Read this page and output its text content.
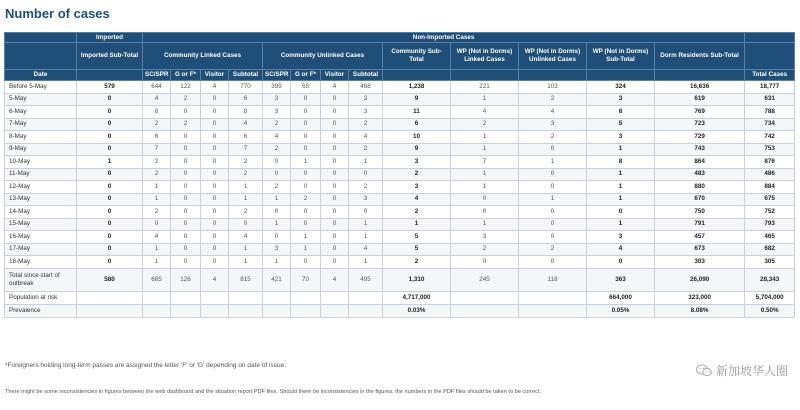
Number of cases
	Imported	Non-Imported Cases													
	Imported Sub-Total	Community Linked Cases				Community Unlinked Cases				Community Sub-Total	WP (Not in Dorms) Linked Cases	WP (Not in Dorms) Unlinked Cases	WP (Not in Dorms) Sub-Total	Dorm Residents Sub-Total	
Date		SC/SPR	G or F*	Visitor	Subtotal	SC/SPR	G or F*	Visitor	Subtotal						Total Cases
Before 5-May	579	644	122	4	770	399	65	4	468	1,238	221	103	324	16,636	18,777
5-May	0	4	2	0	6	3	0	0	3	9	1	2	3	619	631
6-May	0	8	0	0	8	3	0	0	3	11	4	4	8	769	788
7-May	0	2	2	0	4	2	0	0	2	6	2	3	5	723	734
8-May	0	6	0	0	6	4	0	0	4	10	1	2	3	729	742
9-May	0	7	0	0	7	2	0	0	2	9	1	0	1	743	753
10-May	1	2	0	0	2	0	1	0	1	3	7	1	8	864	876
11-May	0	2	0	0	2	0	0	0	0	2	1	0	1	483	486
12-May	0	1	0	0	1	2	0	0	2	3	1	0	1	880	884
13-May	0	1	0	0	1	1	2	0	3	4	0	1	1	670	675
14-May	0	2	0	0	2	0	0	0	0	2	0	0	0	750	752
15-May	0	0	0	0	0	1	0	0	1	1	1	0	1	791	793
16-May	0	4	0	0	4	0	1	0	1	5	3	0	3	457	465
17-May	0	1	0	0	1	3	1	0	4	5	2	2	4	673	682
18-May	0	1	0	0	1	1	0	0	1	2	0	0	0	303	305
Total since start of outbreak	580	685	126	4	815	421	70	4	495	1,310	245	118	363	26,090	28,343
Population at risk										4,717,000			664,000	323,000	5,704,000
Prevalence										0.03%			0.05%	8.08%	0.50%
*Foreigners holding long-term passes are assigned the letter 'F' or 'G' depending on date of issue.
There might be some inconsistencies in figures between the web dashboard and the situation report PDF files. Should there be inconsistencies in the figures, the numbers in the PDF files should be taken to be correct.
新加坡华人圈
